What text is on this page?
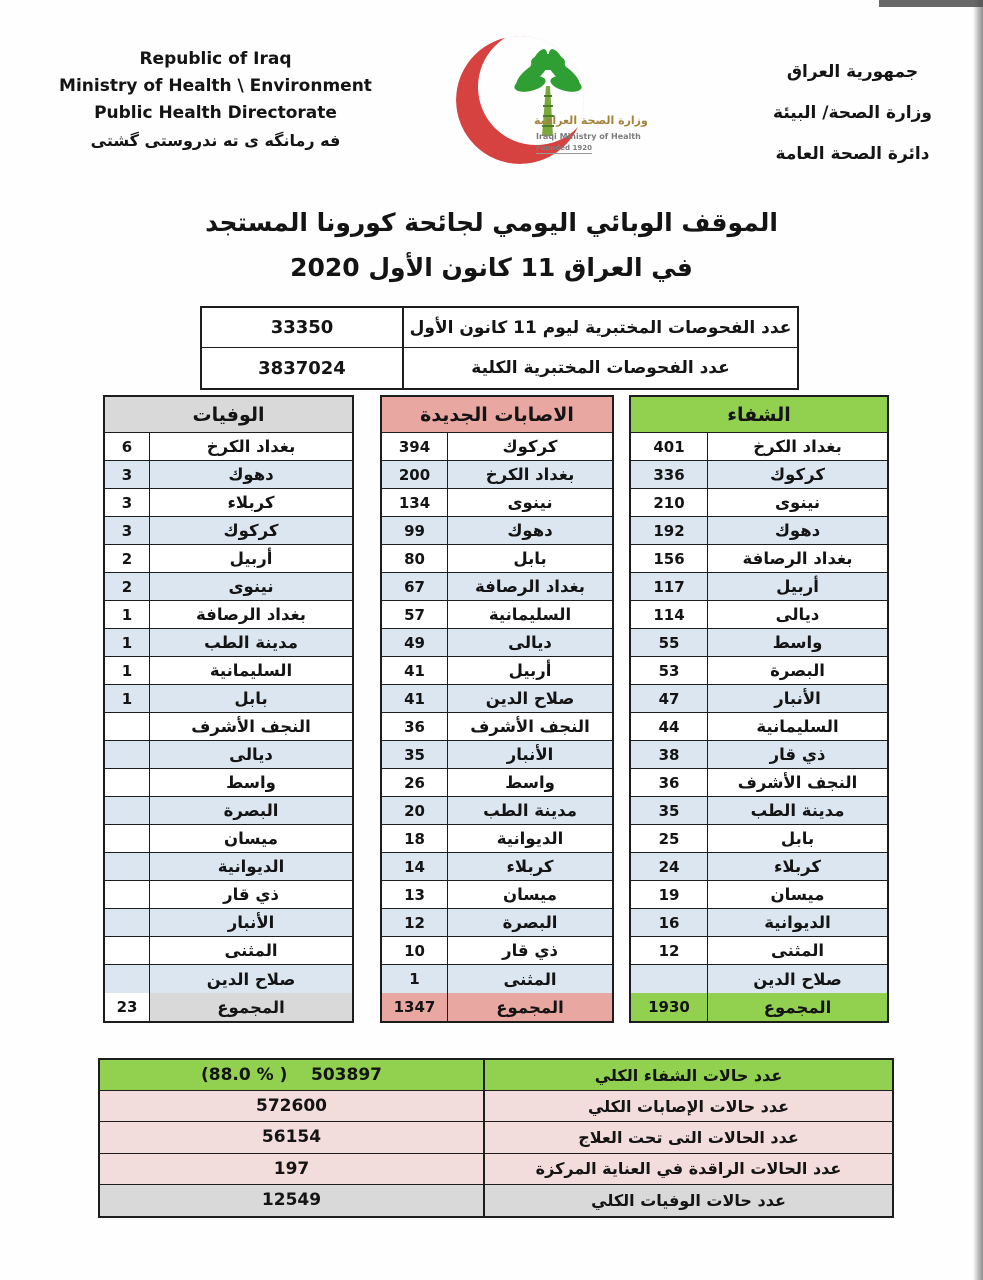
Republic of Iraq
Ministry of Health \ Environment
Public Health Directorate
فه رمانگه ی ته ندروستی گشتی
وزارة الصحة العراقية
Iraqi Ministry of Health
Founded 1920
جمهورية العراق
وزارة الصحة/ البيئة
دائرة الصحة العامة
الموقف الوبائي اليومي لجائحة كورونا المستجد
في العراق 11 كانون الأول 2020
33350	عدد الفحوصات المختبرية ليوم 11 كانون الأول
3837024	عدد الفحوصات المختبرية الكلية
الوفيات
6	بغداد الكرخ
3	دهوك
3	كربلاء
3	كركوك
2	أربيل
2	نينوى
1	بغداد الرصافة
1	مدينة الطب
1	السليمانية
1	بابل
النجف الأشرف
ديالى
واسط
البصرة
ميسان
الديوانية
ذي قار
الأنبار
المثنى
صلاح الدين
23	المجموع
الاصابات الجديدة
394	كركوك
200	بغداد الكرخ
134	نينوى
99	دهوك
80	بابل
67	بغداد الرصافة
57	السليمانية
49	ديالى
41	أربيل
41	صلاح الدين
36	النجف الأشرف
35	الأنبار
26	واسط
20	مدينة الطب
18	الديوانية
14	كربلاء
13	ميسان
12	البصرة
10	ذي قار
1	المثنى
1347	المجموع
الشفاء
401	بغداد الكرخ
336	كركوك
210	نينوى
192	دهوك
156	بغداد الرصافة
117	أربيل
114	ديالى
55	واسط
53	البصرة
47	الأنبار
44	السليمانية
38	ذي قار
36	النجف الأشرف
35	مدينة الطب
25	بابل
24	كربلاء
19	ميسان
16	الديوانية
12	المثنى
صلاح الدين
1930	المجموع
(88.0 % )    503897	عدد حالات الشفاء الكلي
572600	عدد حالات الإصابات الكلي
56154	عدد الحالات التى تحت العلاج
197	عدد الحالات الراقدة في العناية المركزة
12549	عدد حالات الوفيات الكلي
